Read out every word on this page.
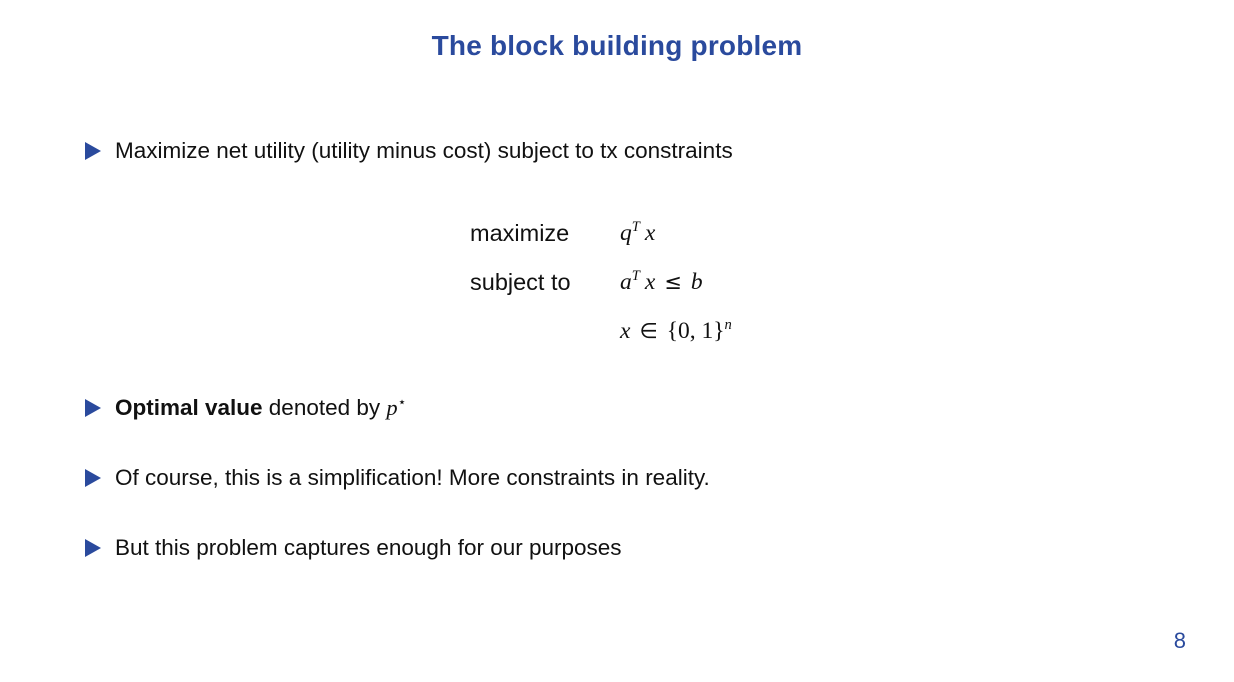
The block building problem
Maximize net utility (utility minus cost) subject to tx constraints
maximize	$q^T$ x
subject to	$a^T$ x ≤ b
x ∈ {0, 1}$^n$
Optimal value denoted by p⋆
Of course, this is a simplification! More constraints in reality.
But this problem captures enough for our purposes
8
